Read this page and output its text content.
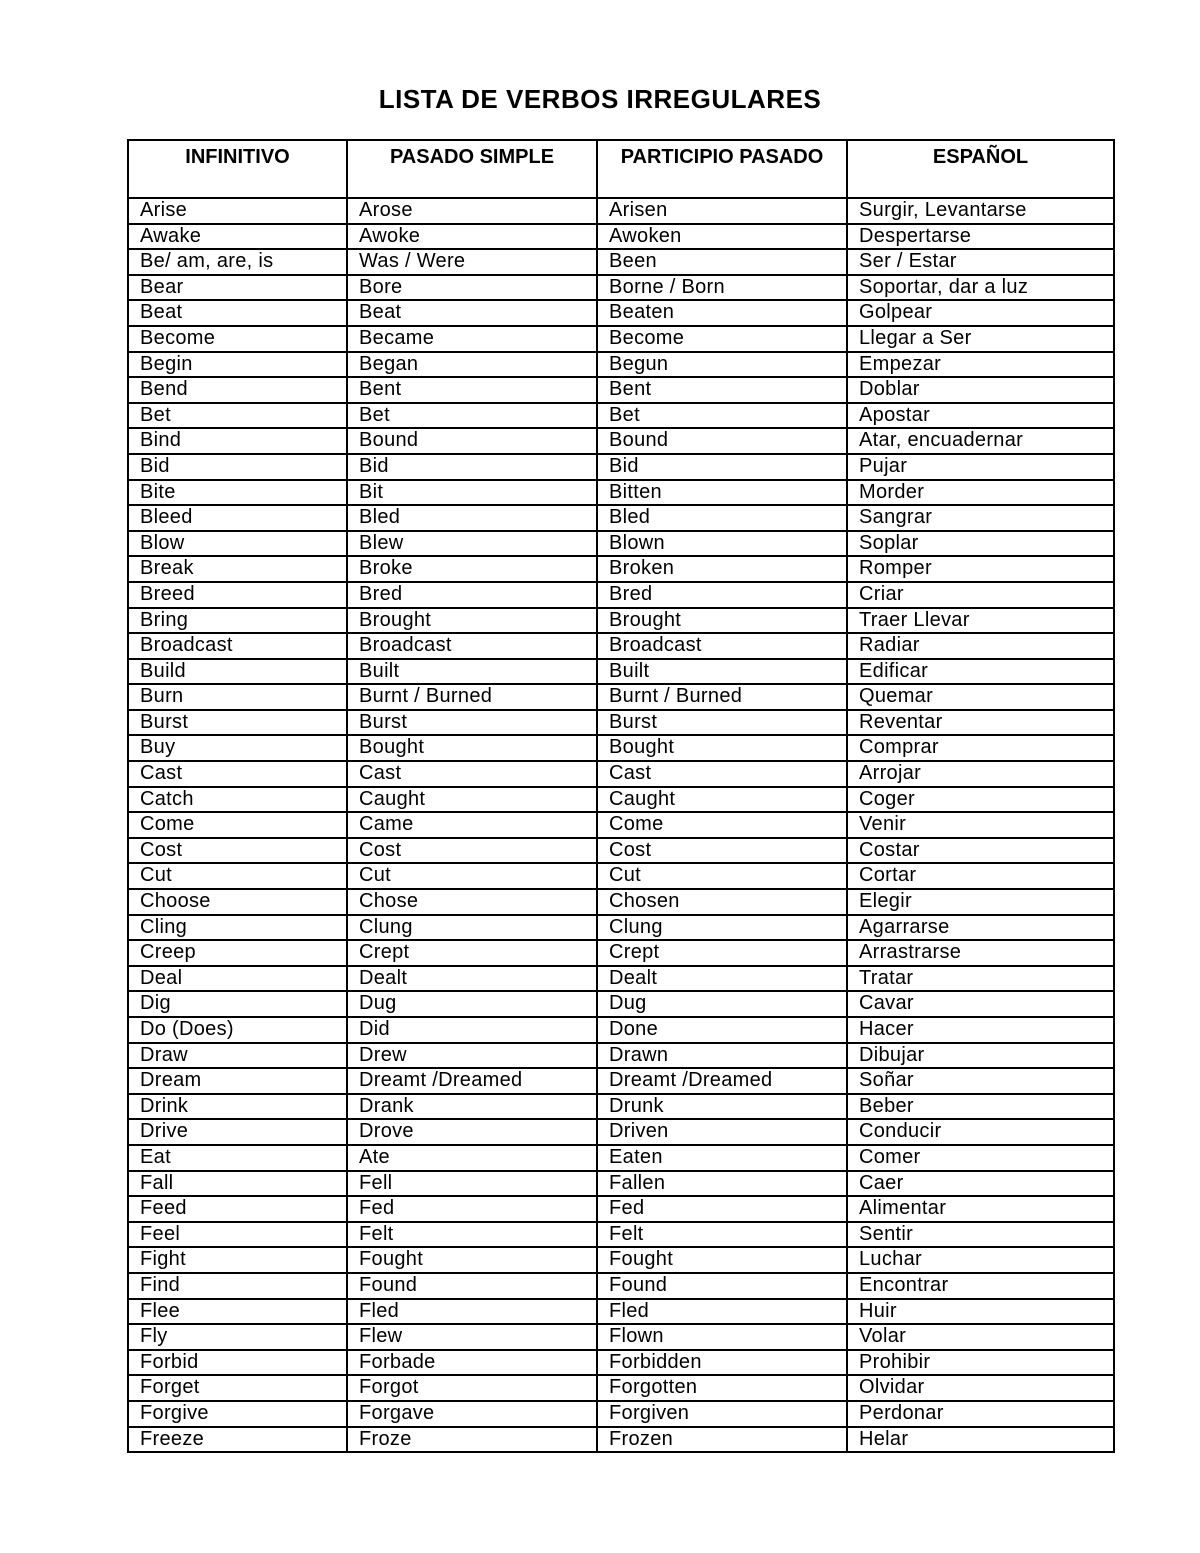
LISTA DE VERBOS IRREGULARES
INFINITIVO	PASADO SIMPLE	PARTICIPIO PASADO	ESPAÑOL
Arise	Arose	Arisen	Surgir, Levantarse
Awake	Awoke	Awoken	Despertarse
Be/ am, are, is	Was / Were	Been	Ser / Estar
Bear	Bore	Borne / Born	Soportar, dar a luz
Beat	Beat	Beaten	Golpear
Become	Became	Become	Llegar a Ser
Begin	Began	Begun	Empezar
Bend	Bent	Bent	Doblar
Bet	Bet	Bet	Apostar
Bind	Bound	Bound	Atar, encuadernar
Bid	Bid	Bid	Pujar
Bite	Bit	Bitten	Morder
Bleed	Bled	Bled	Sangrar
Blow	Blew	Blown	Soplar
Break	Broke	Broken	Romper
Breed	Bred	Bred	Criar
Bring	Brought	Brought	Traer Llevar
Broadcast	Broadcast	Broadcast	Radiar
Build	Built	Built	Edificar
Burn	Burnt / Burned	Burnt / Burned	Quemar
Burst	Burst	Burst	Reventar
Buy	Bought	Bought	Comprar
Cast	Cast	Cast	Arrojar
Catch	Caught	Caught	Coger
Come	Came	Come	Venir
Cost	Cost	Cost	Costar
Cut	Cut	Cut	Cortar
Choose	Chose	Chosen	Elegir
Cling	Clung	Clung	Agarrarse
Creep	Crept	Crept	Arrastrarse
Deal	Dealt	Dealt	Tratar
Dig	Dug	Dug	Cavar
Do (Does)	Did	Done	Hacer
Draw	Drew	Drawn	Dibujar
Dream	Dreamt /Dreamed	Dreamt /Dreamed	Soñar
Drink	Drank	Drunk	Beber
Drive	Drove	Driven	Conducir
Eat	Ate	Eaten	Comer
Fall	Fell	Fallen	Caer
Feed	Fed	Fed	Alimentar
Feel	Felt	Felt	Sentir
Fight	Fought	Fought	Luchar
Find	Found	Found	Encontrar
Flee	Fled	Fled	Huir
Fly	Flew	Flown	Volar
Forbid	Forbade	Forbidden	Prohibir
Forget	Forgot	Forgotten	Olvidar
Forgive	Forgave	Forgiven	Perdonar
Freeze	Froze	Frozen	Helar
